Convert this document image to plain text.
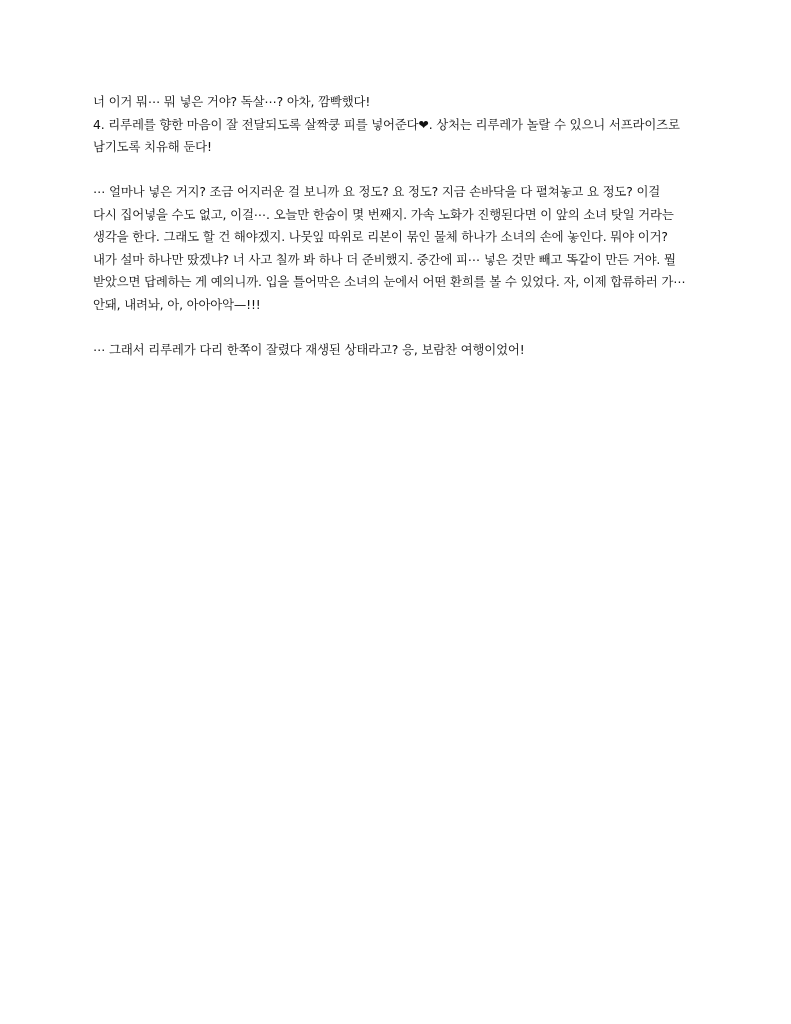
너 이거 뭐⋯ 뭐 넣은 거야? 독살⋯? 아차, 깜빡했다!

4. 리루레를 향한 마음이 잘 전달되도록 살짝쿵 피를 넣어준다❤. 상처는 리루레가 놀랄 수 있으니 서프라이즈로

남기도록 치유해 둔다!

⋯ 얼마나 넣은 거지? 조금 어지러운 걸 보니까 요 정도? 요 정도? 지금 손바닥을 다 펼쳐놓고 요 정도? 이걸

다시 집어넣을 수도 없고, 이걸⋯. 오늘만 한숨이 몇 번째지. 가속 노화가 진행된다면 이 앞의 소녀 탓일 거라는

생각을 한다. 그래도 할 건 해야겠지. 나뭇잎 따위로 리본이 묶인 물체 하나가 소녀의 손에 놓인다. 뭐야 이거?

내가 설마 하나만 땄겠냐? 너 사고 칠까 봐 하나 더 준비했지. 중간에 피⋯ 넣은 것만 빼고 똑같이 만든 거야. 뭘

받았으면 답례하는 게 예의니까. 입을 틀어막은 소녀의 눈에서 어떤 환희를 볼 수 있었다. 자, 이제 합류하러 가⋯

안돼, 내려놔, 아, 아아아악—!!!

⋯ 그래서 리루레가 다리 한쪽이 잘렸다 재생된 상태라고? 응, 보람찬 여행이었어!
